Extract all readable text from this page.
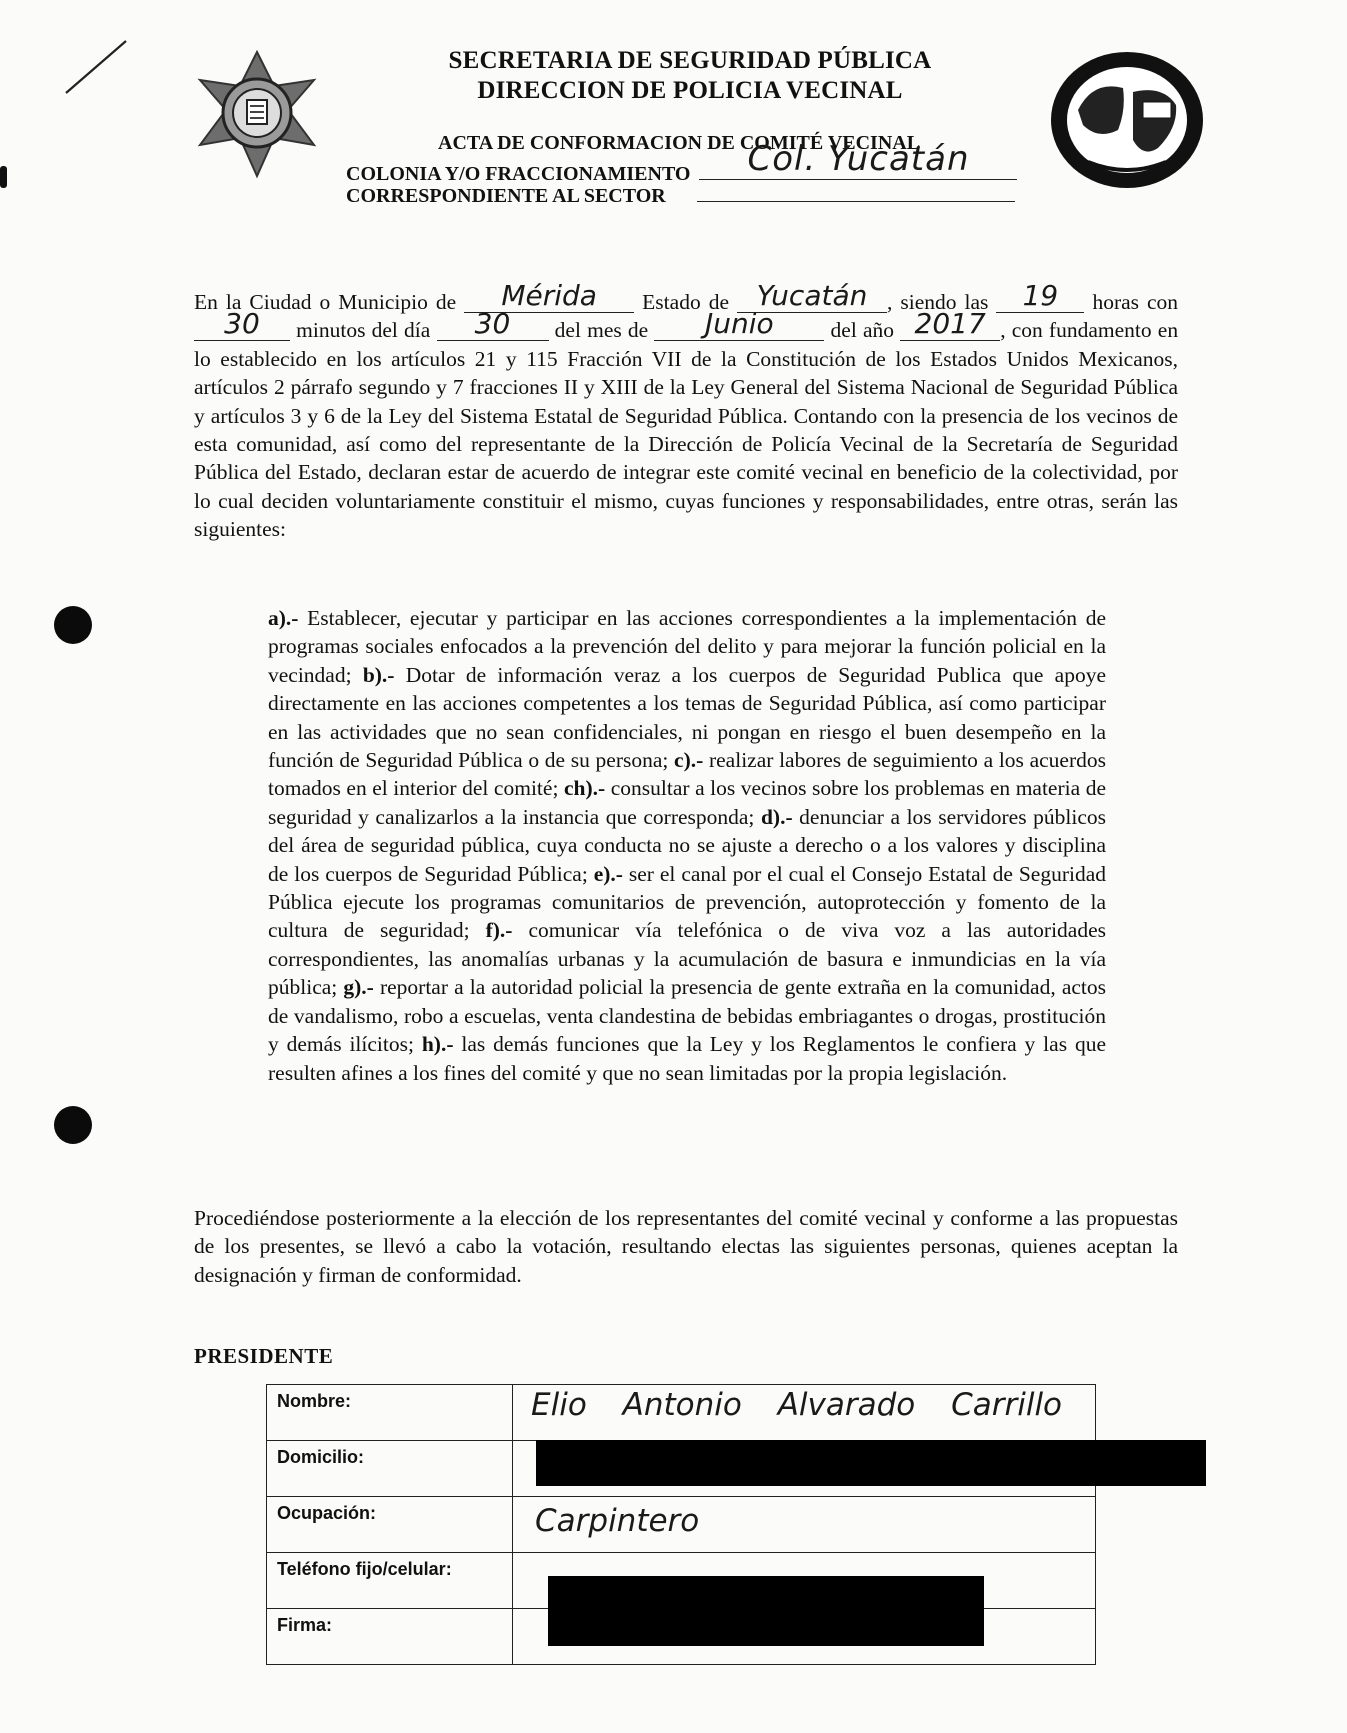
SECRETARIA DE SEGURIDAD PÚBLICA
DIRECCION DE POLICIA VECINAL
ACTA DE CONFORMACION DE COMITÉ VECINAL
COLONIA Y/O FRACCIONAMIENTO Col. Yucatán
CORRESPONDIENTE AL SECTOR
En la Ciudad o Municipio de Mérida Estado de Yucatán , siendo las 19 horas con 30 minutos del día 30 del mes de Junio	del año 2017 , con fundamento en lo establecido en los artículos 21 y 115 Fracción VII de la Constitución de los Estados Unidos Mexicanos, artículos 2 párrafo segundo y 7 fracciones II y XIII de la Ley General del Sistema Nacional de Seguridad Pública y artículos 3 y 6 de la Ley del Sistema Estatal de Seguridad Pública. Contando con la presencia de los vecinos de esta comunidad, así como del representante de la Dirección de Policía Vecinal de la Secretaría de Seguridad Pública del Estado, declaran estar de acuerdo de integrar este comité vecinal en beneficio de la colectividad, por lo cual deciden voluntariamente constituir el mismo, cuyas funciones y responsabilidades, entre otras, serán las siguientes:
a).- Establecer, ejecutar y participar en las acciones correspondientes a la implementación de programas sociales enfocados a la prevención del delito y para mejorar la función policial en la vecindad; b).- Dotar de información veraz a los cuerpos de Seguridad Publica que apoye directamente en las acciones competentes a los temas de Seguridad Pública, así como participar en las actividades que no sean confidenciales, ni pongan en riesgo el buen desempeño en la función de Seguridad Pública o de su persona; c).- realizar labores de seguimiento a los acuerdos tomados en el interior del comité; ch).- consultar a los vecinos sobre los problemas en materia de seguridad y canalizarlos a la instancia que corresponda; d).- denunciar a los servidores públicos del área de seguridad pública, cuya conducta no se ajuste a derecho o a los valores y disciplina de los cuerpos de Seguridad Pública; e).- ser el canal por el cual el Consejo Estatal de Seguridad Pública ejecute los programas comunitarios de prevención, autoprotección y fomento de la cultura de seguridad; f).- comunicar vía telefónica o de viva voz a las autoridades correspondientes, las anomalías urbanas y la acumulación de basura e inmundicias en la vía pública; g).- reportar a la autoridad policial la presencia de gente extraña en la comunidad, actos de vandalismo, robo a escuelas, venta clandestina de bebidas embriagantes o drogas, prostitución y demás ilícitos; h).- las demás funciones que la Ley y los Reglamentos le confiera y las que resulten afines a los fines del comité y que no sean limitadas por la propia legislación.
Procediéndose posteriormente a la elección de los representantes del comité vecinal y conforme a las propuestas de los presentes, se llevó a cabo la votación, resultando electas las siguientes personas, quienes aceptan la designación y firman de conformidad.
PRESIDENTE
Nombre:	Elio Antonio Alvarado Carrillo

Domicilio:	
Ocupación:	Carpintero

Teléfono fijo/celular:	
Firma:	
